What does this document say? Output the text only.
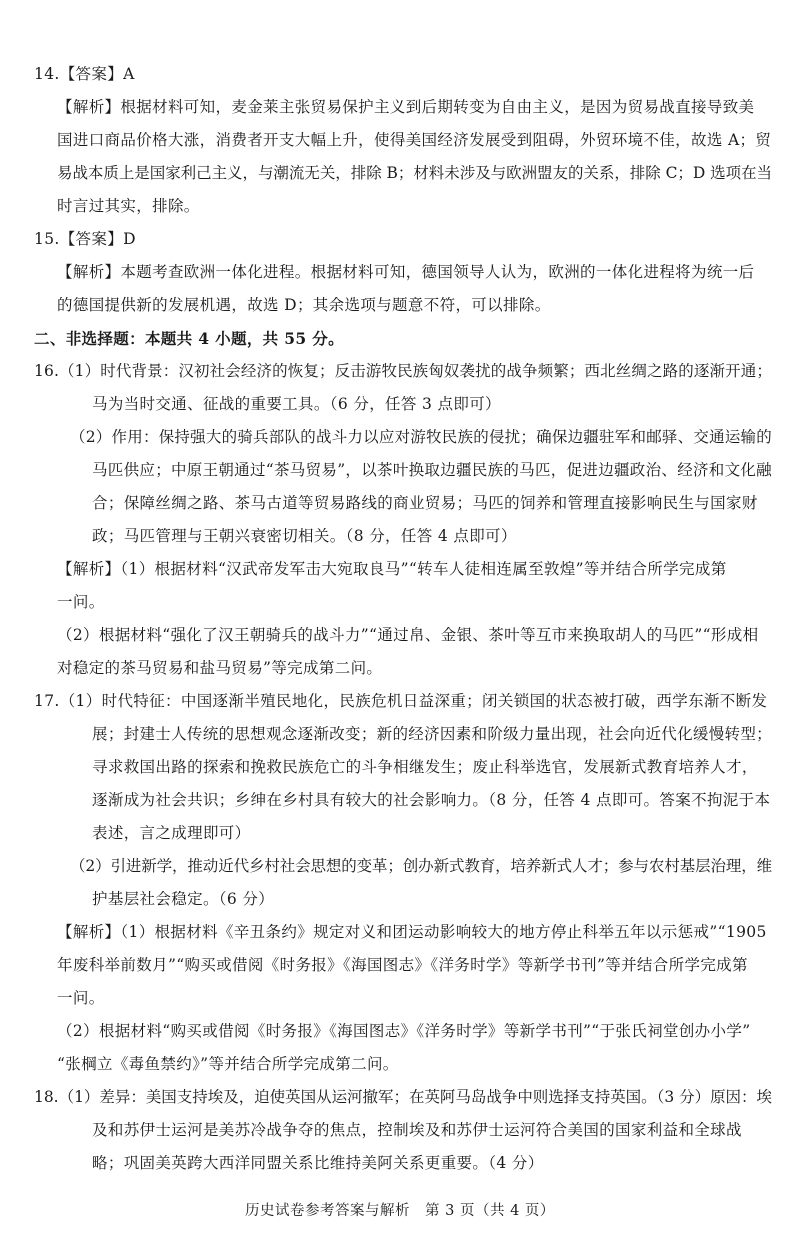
14.【答案】A
【解析】根据材料可知，麦金莱主张贸易保护主义到后期转变为自由主义，是因为贸易战直接导致美
国进口商品价格大涨，消费者开支大幅上升，使得美国经济发展受到阻碍，外贸环境不佳，故选 A；贸
易战本质上是国家利己主义，与潮流无关，排除 B；材料未涉及与欧洲盟友的关系，排除 C；D 选项在当
时言过其实，排除。
15.【答案】D
【解析】本题考查欧洲一体化进程。根据材料可知，德国领导人认为，欧洲的一体化进程将为统一后
的德国提供新的发展机遇，故选 D；其余选项与题意不符，可以排除。
二、非选择题：本题共 4 小题，共 55 分。
16.（1）时代背景：汉初社会经济的恢复；反击游牧民族匈奴袭扰的战争频繁；西北丝绸之路的逐渐开通；
马为当时交通、征战的重要工具。（6 分，任答 3 点即可）
（2）作用：保持强大的骑兵部队的战斗力以应对游牧民族的侵扰；确保边疆驻军和邮驿、交通运输的
马匹供应；中原王朝通过“茶马贸易”，以茶叶换取边疆民族的马匹，促进边疆政治、经济和文化融
合；保障丝绸之路、茶马古道等贸易路线的商业贸易；马匹的饲养和管理直接影响民生与国家财
政；马匹管理与王朝兴衰密切相关。（8 分，任答 4 点即可）
【解析】（1）根据材料“汉武帝发军击大宛取良马”“转车人徒相连属至敦煌”等并结合所学完成第
一问。
（2）根据材料“强化了汉王朝骑兵的战斗力”“通过帛、金银、茶叶等互市来换取胡人的马匹”“形成相
对稳定的茶马贸易和盐马贸易”等完成第二问。
17.（1）时代特征：中国逐渐半殖民地化，民族危机日益深重；闭关锁国的状态被打破，西学东渐不断发
展；封建士人传统的思想观念逐渐改变；新的经济因素和阶级力量出现，社会向近代化缓慢转型；
寻求救国出路的探索和挽救民族危亡的斗争相继发生；废止科举选官，发展新式教育培养人才，
逐渐成为社会共识；乡绅在乡村具有较大的社会影响力。（8 分，任答 4 点即可。答案不拘泥于本
表述，言之成理即可）
（2）引进新学，推动近代乡村社会思想的变革；创办新式教育，培养新式人才；参与农村基层治理，维
护基层社会稳定。（6 分）
【解析】（1）根据材料《辛丑条约》规定对义和团运动影响较大的地方停止科举五年以示惩戒”“1905
年废科举前数月”“购买或借阅《时务报》《海国图志》《洋务时学》等新学书刊”等并结合所学完成第
一问。
（2）根据材料“购买或借阅《时务报》《海国图志》《洋务时学》等新学书刊”“于张氏祠堂创办小学”
“张棡立《毒鱼禁约》”等并结合所学完成第二问。
18.（1）差异：美国支持埃及，迫使英国从运河撤军；在英阿马岛战争中则选择支持英国。（3 分）原因：埃
及和苏伊士运河是美苏冷战争夺的焦点，控制埃及和苏伊士运河符合美国的国家利益和全球战
略；巩固美英跨大西洋同盟关系比维持美阿关系更重要。（4 分）
历史试卷参考答案与解析　第 3 页（共 4 页）
